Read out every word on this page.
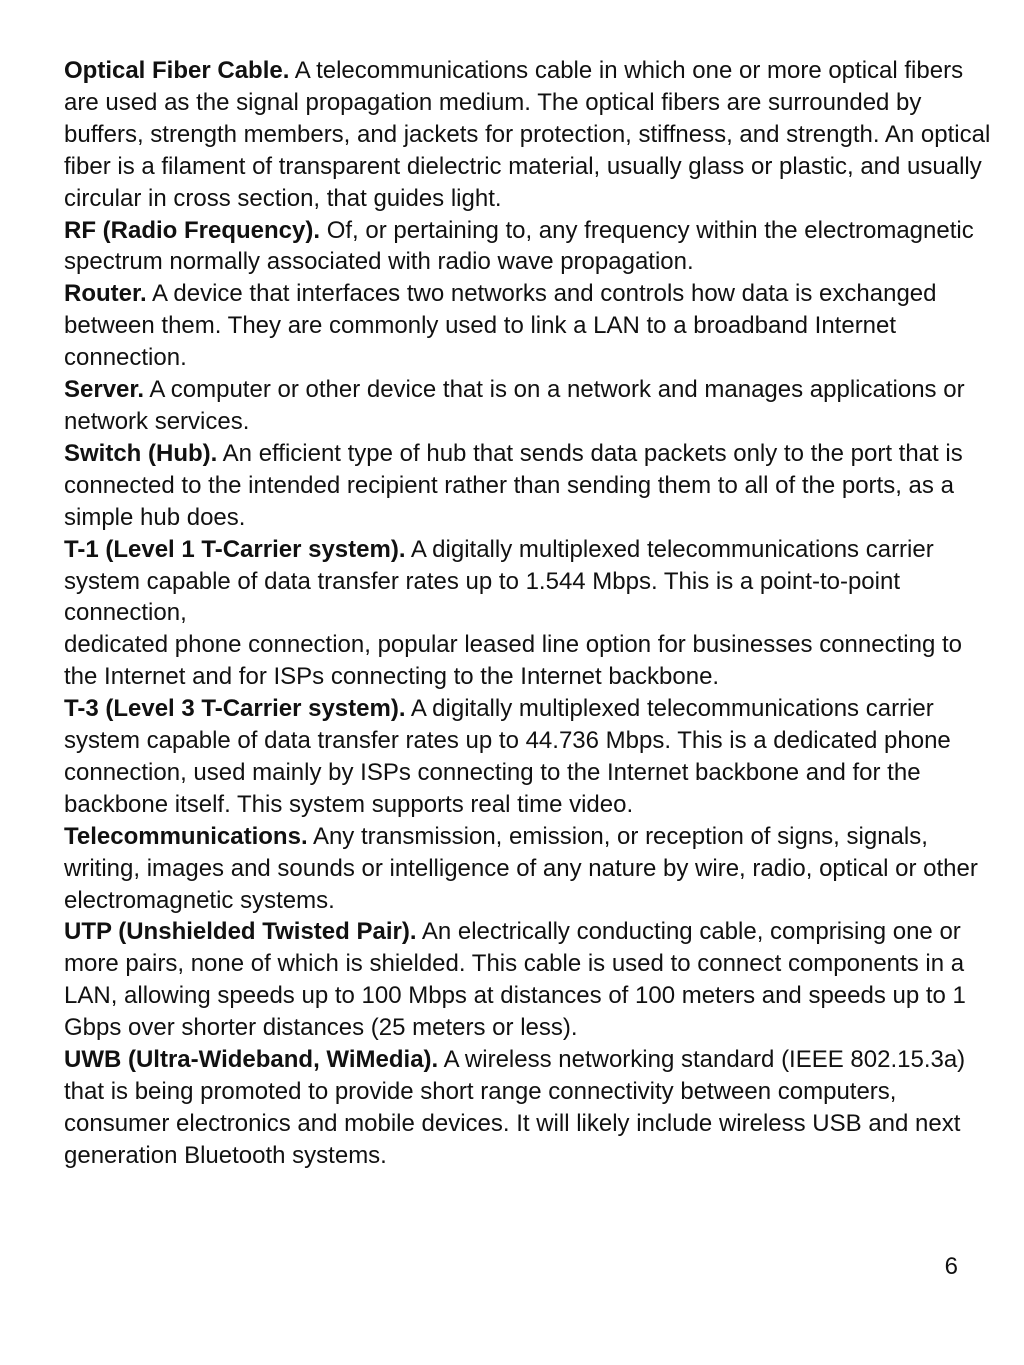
Optical Fiber Cable. A telecommunications cable in which one or more optical fibers are used as the signal propagation medium. The optical fibers are surrounded by buffers, strength members, and jackets for protection, stiffness, and strength. An optical fiber is a filament of transparent dielectric material, usually glass or plastic, and usually circular in cross section, that guides light.

RF (Radio Frequency). Of, or pertaining to, any frequency within the electromagnetic spectrum normally associated with radio wave propagation.

Router. A device that interfaces two networks and controls how data is exchanged between them. They are commonly used to link a LAN to a broadband Internet connection.

Server. A computer or other device that is on a network and manages applications or network services.

Switch (Hub). An efficient type of hub that sends data packets only to the port that is connected to the intended recipient rather than sending them to all of the ports, as a simple hub does.

T-1 (Level 1 T-Carrier system). A digitally multiplexed telecommunications carrier system capable of data transfer rates up to 1.544 Mbps. This is a point-to-point connection,

dedicated phone connection, popular leased line option for businesses connecting to the Internet and for ISPs connecting to the Internet backbone.

T-3 (Level 3 T-Carrier system). A digitally multiplexed telecommunications carrier system capable of data transfer rates up to 44.736 Mbps. This is a dedicated phone connection, used mainly by ISPs connecting to the Internet backbone and for the backbone itself. This system supports real time video.

Telecommunications. Any transmission, emission, or reception of signs, signals, writing, images and sounds or intelligence of any nature by wire, radio, optical or other electromagnetic systems.

UTP (Unshielded Twisted Pair). An electrically conducting cable, comprising one or more pairs, none of which is shielded. This cable is used to connect components in a LAN, allowing speeds up to 100 Mbps at distances of 100 meters and speeds up to 1 Gbps over shorter distances (25 meters or less).

UWB (Ultra-Wideband, WiMedia). A wireless networking standard (IEEE 802.15.3a) that is being promoted to provide short range connectivity between computers, consumer electronics and mobile devices. It will likely include wireless USB and next generation Bluetooth systems.

6
